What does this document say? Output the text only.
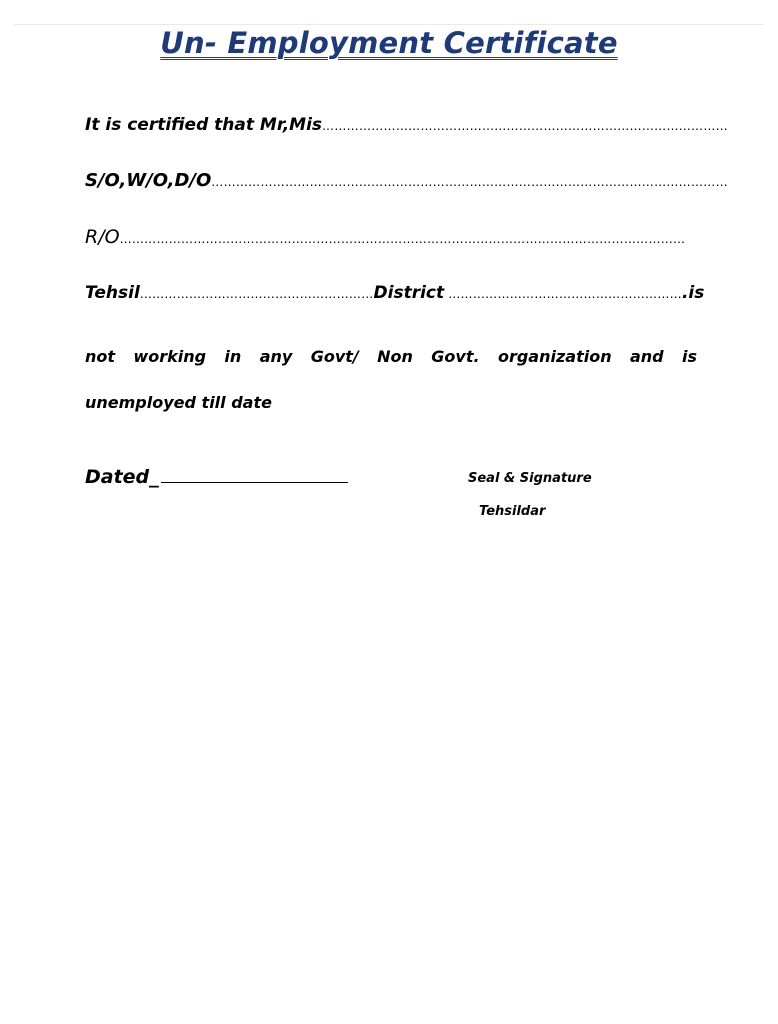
Un- Employment Certificate
It is certified that Mr,Mis………………………………………………………………………………………
S/O,W/O,D/O………………………………………………………………………………………………………………
R/O…………………………………………………………………………………………………………………………
Tehsil…………………………………………………District ………………………………………………….is
not working in any Govt/ Non Govt. organization and is unemployed till date
Dated_	Seal & Signature
Tehsildar
